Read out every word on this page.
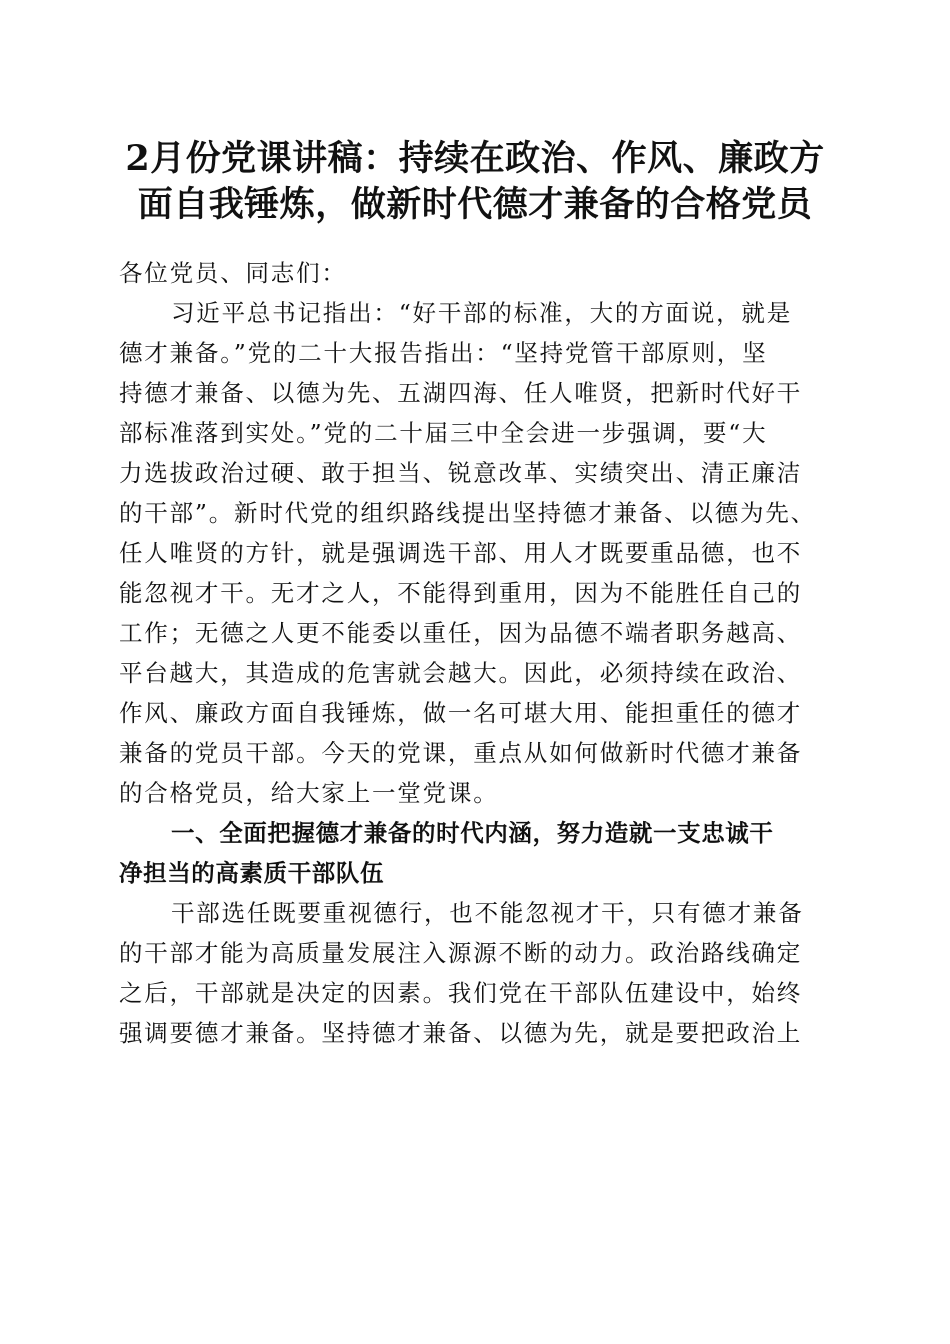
2月份党课讲稿：持续在政治、作风、廉政方
面自我锤炼，做新时代德才兼备的合格党员
各位党员、同志们：
习近平总书记指出：“好干部的标准，大的方面说，就是
德才兼备。”党的二十大报告指出：“坚持党管干部原则，坚
持德才兼备、以德为先、五湖四海、任人唯贤，把新时代好干
部标准落到实处。”党的二十届三中全会进一步强调，要“大
力选拔政治过硬、敢于担当、锐意改革、实绩突出、清正廉洁
的干部”。新时代党的组织路线提出坚持德才兼备、以德为先、
任人唯贤的方针，就是强调选干部、用人才既要重品德，也不
能忽视才干。无才之人，不能得到重用，因为不能胜任自己的
工作；无德之人更不能委以重任，因为品德不端者职务越高、
平台越大，其造成的危害就会越大。因此，必须持续在政治、
作风、廉政方面自我锤炼，做一名可堪大用、能担重任的德才
兼备的党员干部。今天的党课，重点从如何做新时代德才兼备
的合格党员，给大家上一堂党课。
一、全面把握德才兼备的时代内涵，努力造就一支忠诚干
净担当的高素质干部队伍
干部选任既要重视德行，也不能忽视才干，只有德才兼备
的干部才能为高质量发展注入源源不断的动力。政治路线确定
之后，干部就是决定的因素。我们党在干部队伍建设中，始终
强调要德才兼备。坚持德才兼备、以德为先，就是要把政治上
